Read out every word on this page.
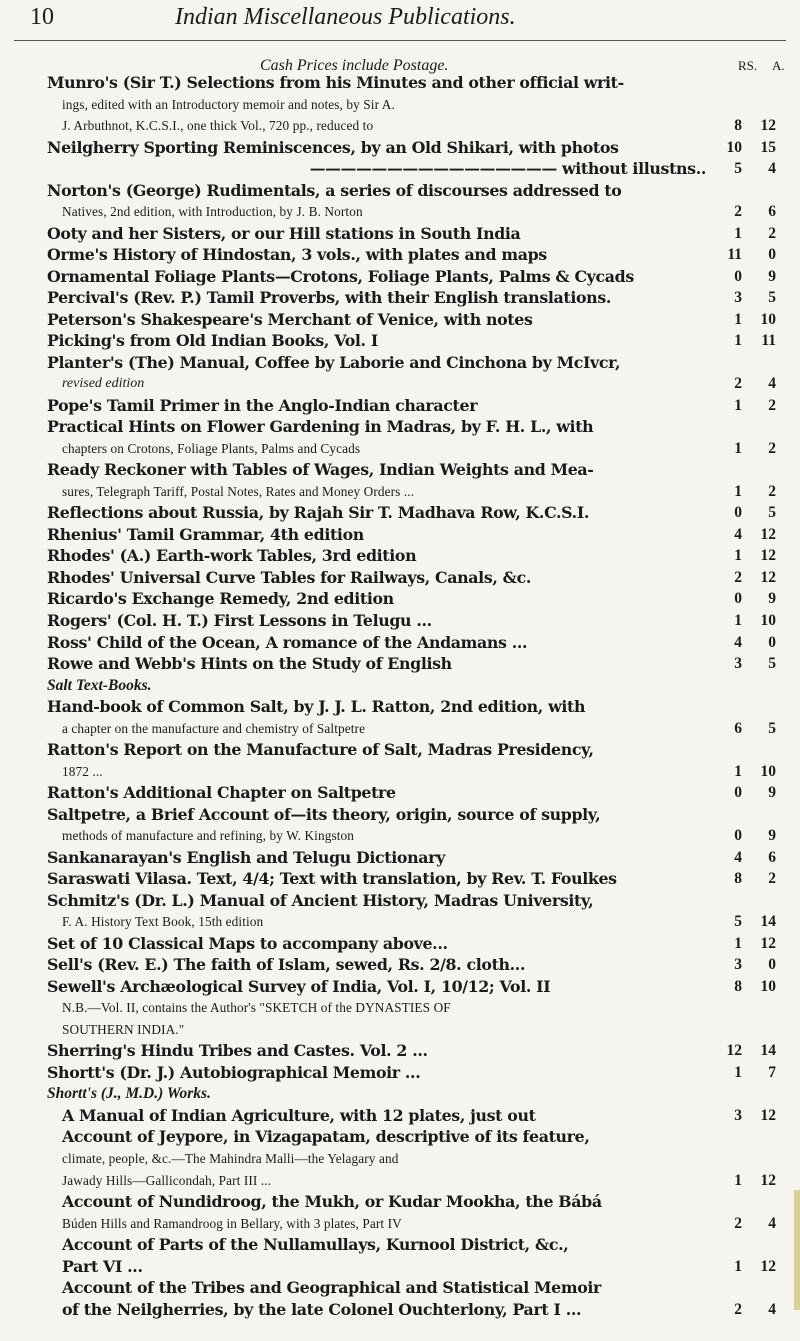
10	Indian Miscellaneous Publications.
Cash Prices include Postage.	RS. A.
Munro's (Sir T.) Selections from his Minutes and other official writ-
ings, edited with an Introductory memoir and notes, by Sir A.
J. Arbuthnot, K.C.S.I., one thick Vol., 720 pp., reduced to	8	12
Neilgherry Sporting Reminiscences, by an Old Shikari, with photos	10	15
———————————————— without illustns..	5	4
Norton's (George) Rudimentals, a series of discourses addressed to
Natives, 2nd edition, with Introduction, by J. B. Norton	2	6
Ooty and her Sisters, or our Hill stations in South India	1	2
Orme's History of Hindostan, 3 vols., with plates and maps	11	0
Ornamental Foliage Plants—Crotons, Foliage Plants, Palms & Cycads	0	9
Percival's (Rev. P.) Tamil Proverbs, with their English translations.	3	5
Peterson's Shakespeare's Merchant of Venice, with notes	1	10
Picking's from Old Indian Books, Vol. I	1	11
Planter's (The) Manual, Coffee by Laborie and Cinchona by McIvcr,
revised edition	2	4
Pope's Tamil Primer in the Anglo-Indian character	1	2
Practical Hints on Flower Gardening in Madras, by F. H. L., with
chapters on Crotons, Foliage Plants, Palms and Cycads	1	2
Ready Reckoner with Tables of Wages, Indian Weights and Mea-
sures, Telegraph Tariff, Postal Notes, Rates and Money Orders ...	1	2
Reflections about Russia, by Rajah Sir T. Madhava Row, K.C.S.I.	0	5
Rhenius' Tamil Grammar, 4th edition	4	12
Rhodes' (A.) Earth-work Tables, 3rd edition	1	12
Rhodes' Universal Curve Tables for Railways, Canals, &c.	2	12
Ricardo's Exchange Remedy, 2nd edition	0	9
Rogers' (Col. H. T.) First Lessons in Telugu ...	1	10
Ross' Child of the Ocean, A romance of the Andamans ...	4	0
Rowe and Webb's Hints on the Study of English	3	5
Salt Text-Books.
Hand-book of Common Salt, by J. J. L. Ratton, 2nd edition, with
a chapter on the manufacture and chemistry of Saltpetre	6	5
Ratton's Report on the Manufacture of Salt, Madras Presidency,
1872 ...	1	10
Ratton's Additional Chapter on Saltpetre	0	9
Saltpetre, a Brief Account of—its theory, origin, source of supply,
methods of manufacture and refining, by W. Kingston	0	9
Sankanarayan's English and Telugu Dictionary	4	6
Saraswati Vilasa. Text, 4/4; Text with translation, by Rev. T. Foulkes	8	2
Schmitz's (Dr. L.) Manual of Ancient History, Madras University,
F. A. History Text Book, 15th edition	5	14
Set of 10 Classical Maps to accompany above...	1	12
Sell's (Rev. E.) The faith of Islam, sewed, Rs. 2/8. cloth...	3	0
Sewell's Archæological Survey of India, Vol. I, 10/12; Vol. II	8	10
N.B.—Vol. II, contains the Author's "SKETCH of the DYNASTIES OF
SOUTHERN INDIA."
Sherring's Hindu Tribes and Castes. Vol. 2 ...	12	14
Shortt's (Dr. J.) Autobiographical Memoir ...	1	7
Shortt's (J., M.D.) Works.
A Manual of Indian Agriculture, with 12 plates, just out	3	12
Account of Jeypore, in Vizagapatam, descriptive of its feature,
climate, people, &c.—The Mahindra Malli—the Yelagary and
Jawady Hills—Gallicondah, Part III ...	1	12
Account of Nundidroog, the Mukh, or Kudar Mookha, the Bábá
Búden Hills and Ramandroog in Bellary, with 3 plates, Part IV	2	4
Account of Parts of the Nullamullays, Kurnool District, &c.,
Part VI ...	1	12
Account of the Tribes and Geographical and Statistical Memoir
of the Neilgherries, by the late Colonel Ouchterlony, Part I ...	2	4
